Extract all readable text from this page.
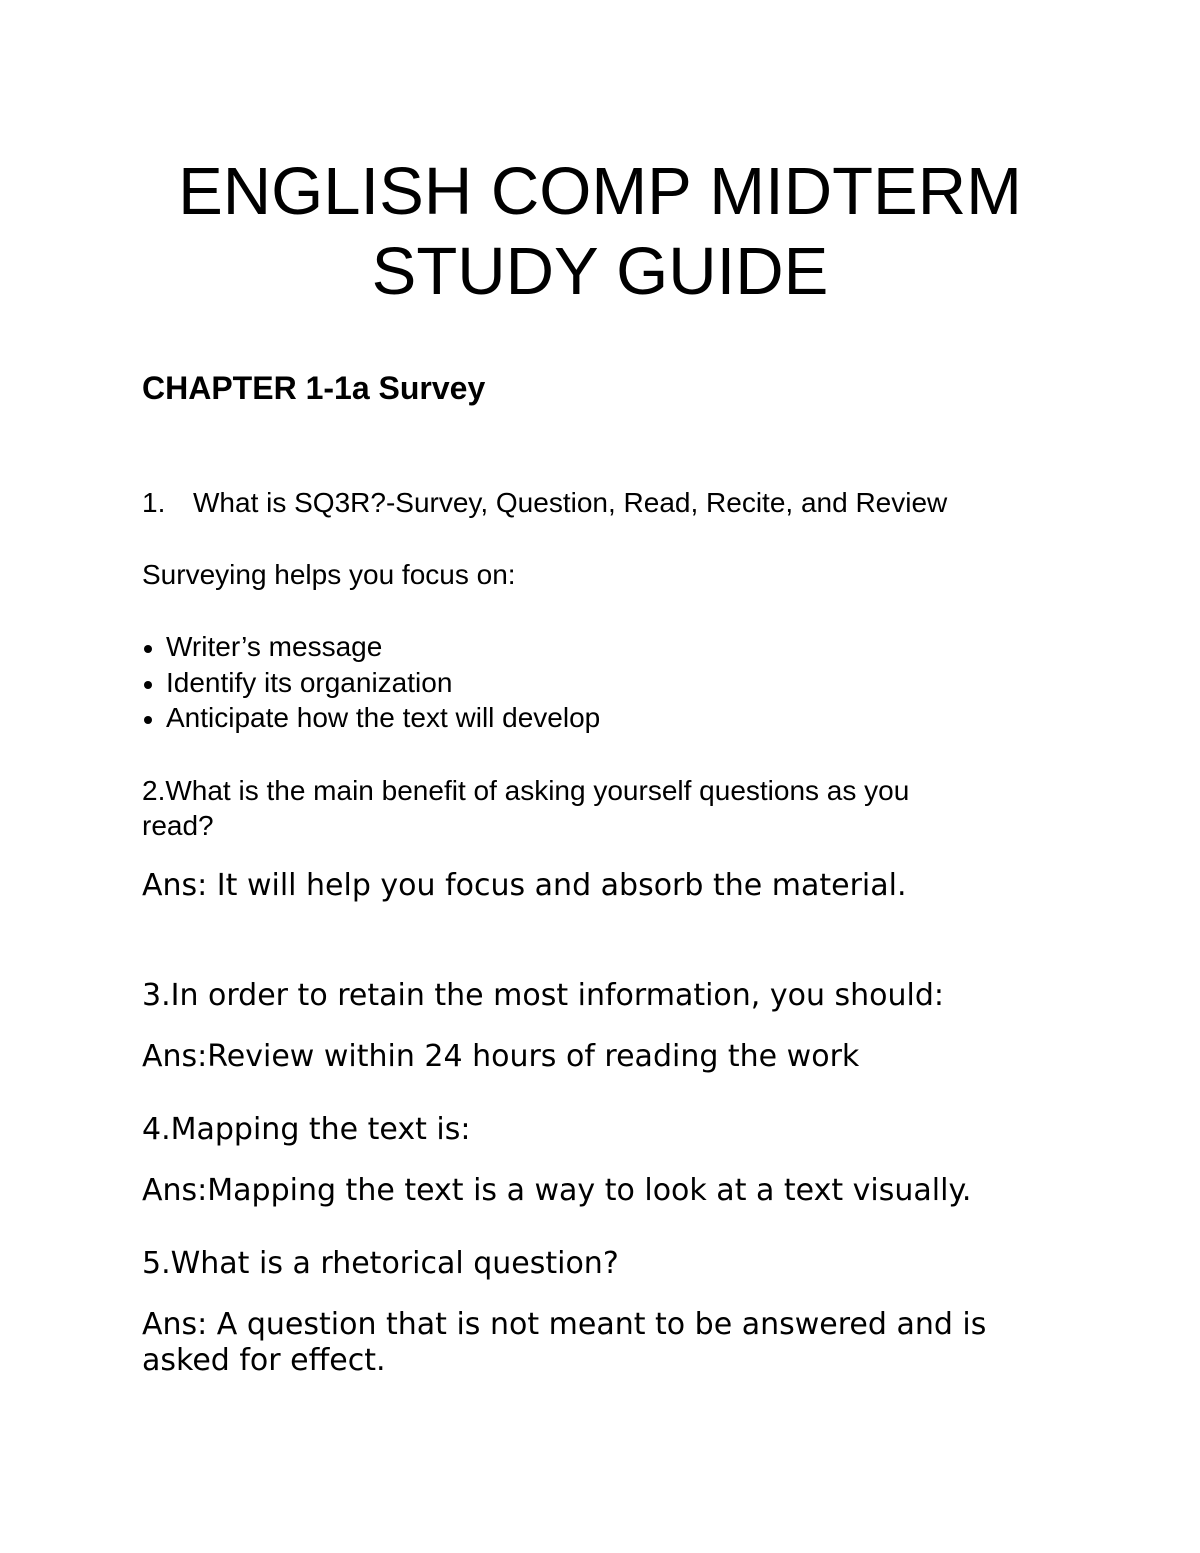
ENGLISH COMP MIDTERM
STUDY GUIDE
CHAPTER 1-1a Survey
1. What is SQ3R?-Survey, Question, Read, Recite, and Review
Surveying helps you focus on:
Writer’s message
Identify its organization
Anticipate how the text will develop
2.What is the main benefit of asking yourself questions as you
read?
Ans: It will help you focus and absorb the material.
3.In order to retain the most information, you should:
Ans:Review within 24 hours of reading the work
4.Mapping the text is:
Ans:Mapping the text is a way to look at a text visually.
5.What is a rhetorical question?
Ans: A question that is not meant to be answered and is
asked for effect.
